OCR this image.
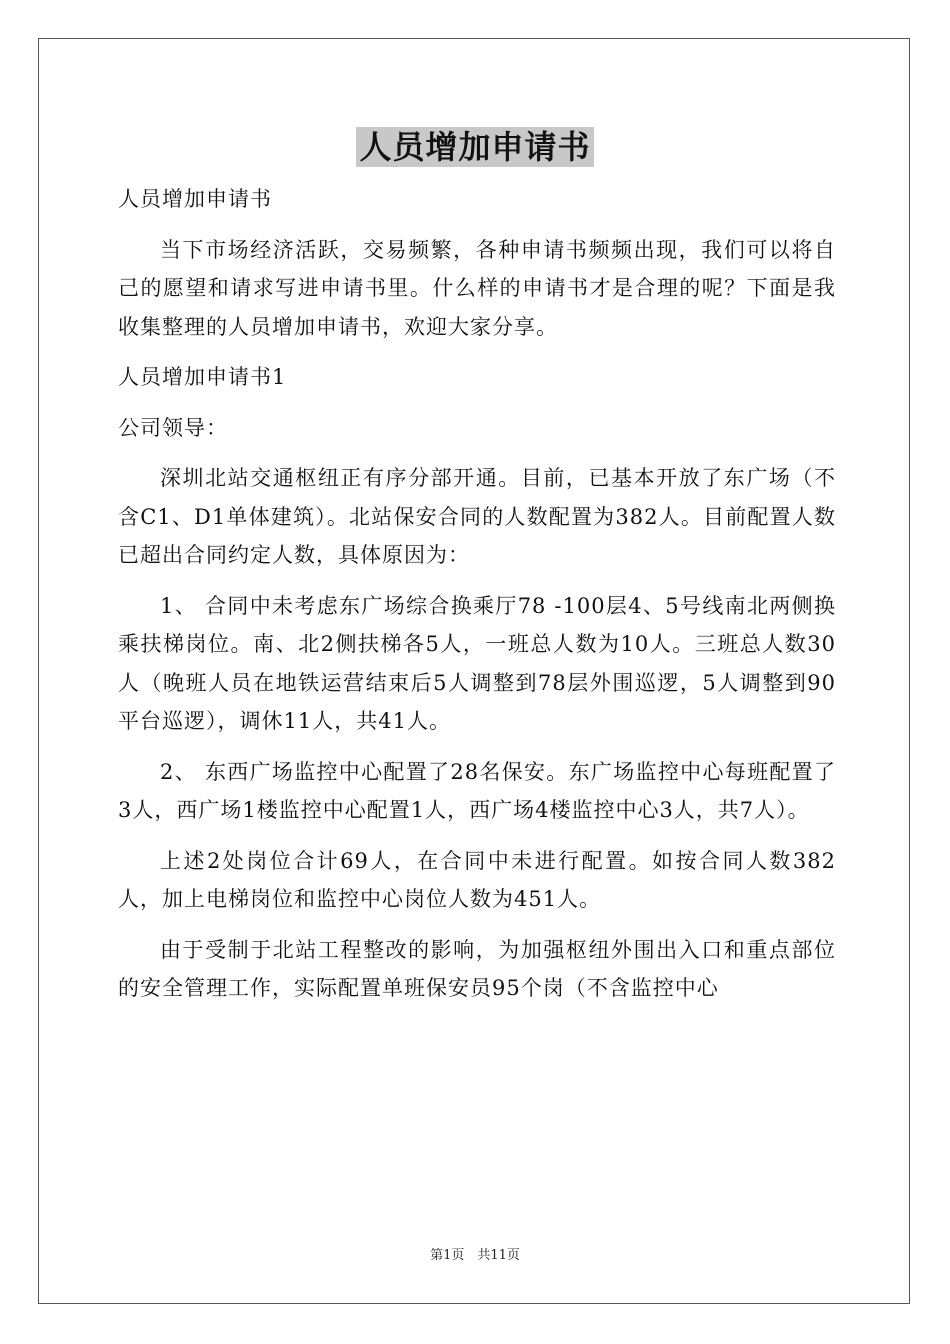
人员增加申请书

人员增加申请书

当下市场经济活跃，交易频繁，各种申请书频频出现，我们可以将自己的愿望和请求写进申请书里。什么样的申请书才是合理的呢？下面是我收集整理的人员增加申请书，欢迎大家分享。

人员增加申请书1

公司领导：

深圳北站交通枢纽正有序分部开通。目前，已基本开放了东广场（不含C1、D1单体建筑）。北站保安合同的人数配置为382人。目前配置人数已超出合同约定人数，具体原因为：

1、 合同中未考虑东广场综合换乘厅78 -100层4、5号线南北两侧换乘扶梯岗位。南、北2侧扶梯各5人，一班总人数为10人。三班总人数30人（晚班人员在地铁运营结束后5人调整到78层外围巡逻，5人调整到90平台巡逻），调休11人，共41人。

2、 东西广场监控中心配置了28名保安。东广场监控中心每班配置了3人，西广场1楼监控中心配置1人，西广场4楼监控中心3人，共7人）。

上述2处岗位合计69人，在合同中未进行配置。如按合同人数382人，加上电梯岗位和监控中心岗位人数为451人。

由于受制于北站工程整改的影响，为加强枢纽外围出入口和重点部位的安全管理工作，实际配置单班保安员95个岗（不含监控中心

第1页　共11页
